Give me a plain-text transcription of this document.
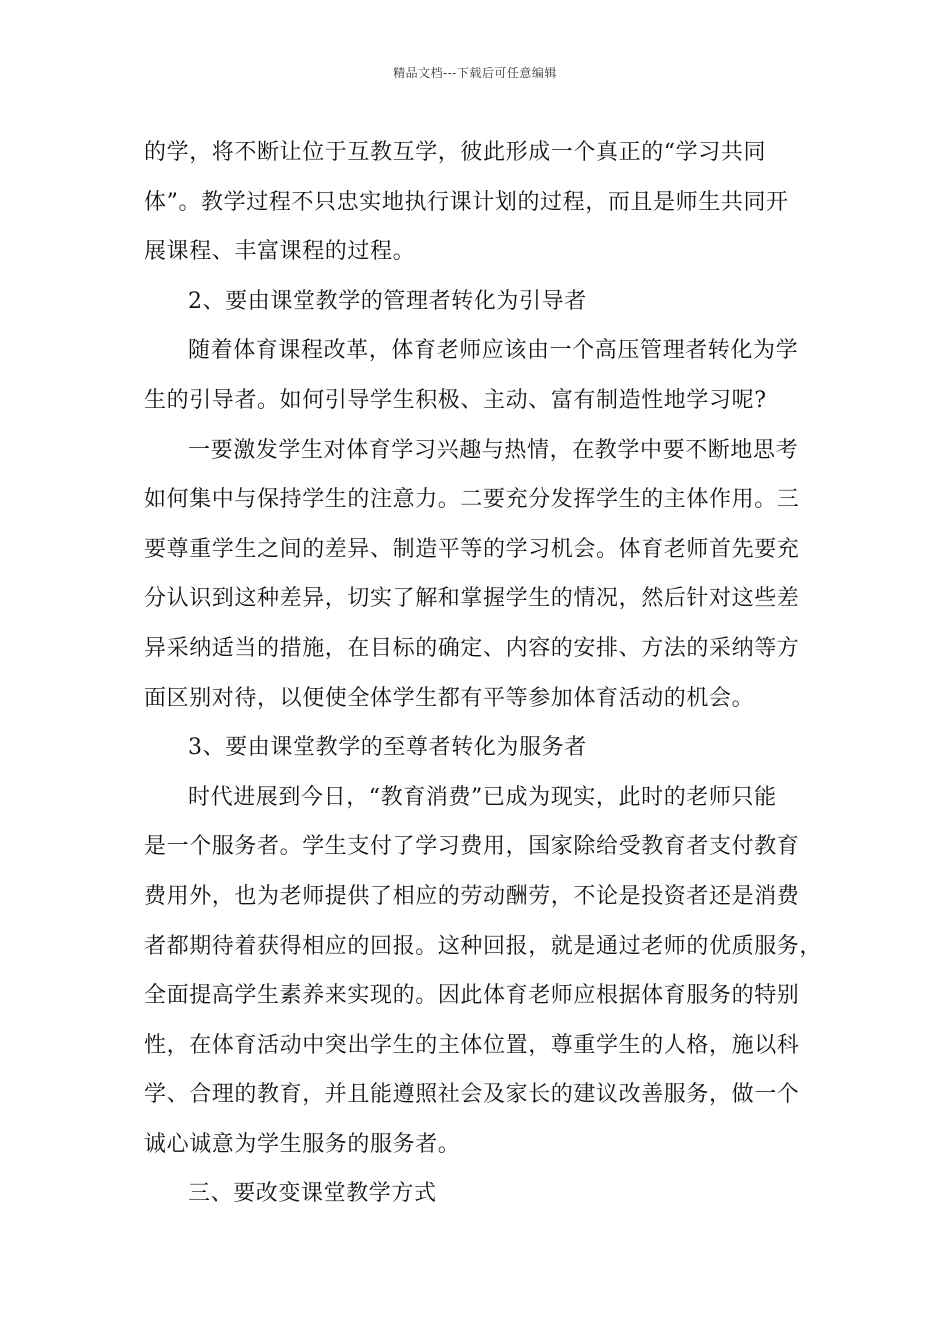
精品文档---下载后可任意编辑
的学，将不断让位于互教互学，彼此形成一个真正的“学习共同
体”。教学过程不只忠实地执行课计划的过程，而且是师生共同开
展课程、丰富课程的过程。
2、要由课堂教学的管理者转化为引导者
随着体育课程改革，体育老师应该由一个高压管理者转化为学
生的引导者。如何引导学生积极、主动、富有制造性地学习呢?
一要激发学生对体育学习兴趣与热情，在教学中要不断地思考
如何集中与保持学生的注意力。二要充分发挥学生的主体作用。三
要尊重学生之间的差异、制造平等的学习机会。体育老师首先要充
分认识到这种差异，切实了解和掌握学生的情况，然后针对这些差
异采纳适当的措施，在目标的确定、内容的安排、方法的采纳等方
面区别对待，以便使全体学生都有平等参加体育活动的机会。
3、要由课堂教学的至尊者转化为服务者
时代进展到今日，“教育消费”已成为现实，此时的老师只能
是一个服务者。学生支付了学习费用，国家除给受教育者支付教育
费用外，也为老师提供了相应的劳动酬劳，不论是投资者还是消费
者都期待着获得相应的回报。这种回报，就是通过老师的优质服务，
全面提高学生素养来实现的。因此体育老师应根据体育服务的特别
性，在体育活动中突出学生的主体位置，尊重学生的人格，施以科
学、合理的教育，并且能遵照社会及家长的建议改善服务，做一个
诚心诚意为学生服务的服务者。
三、要改变课堂教学方式
